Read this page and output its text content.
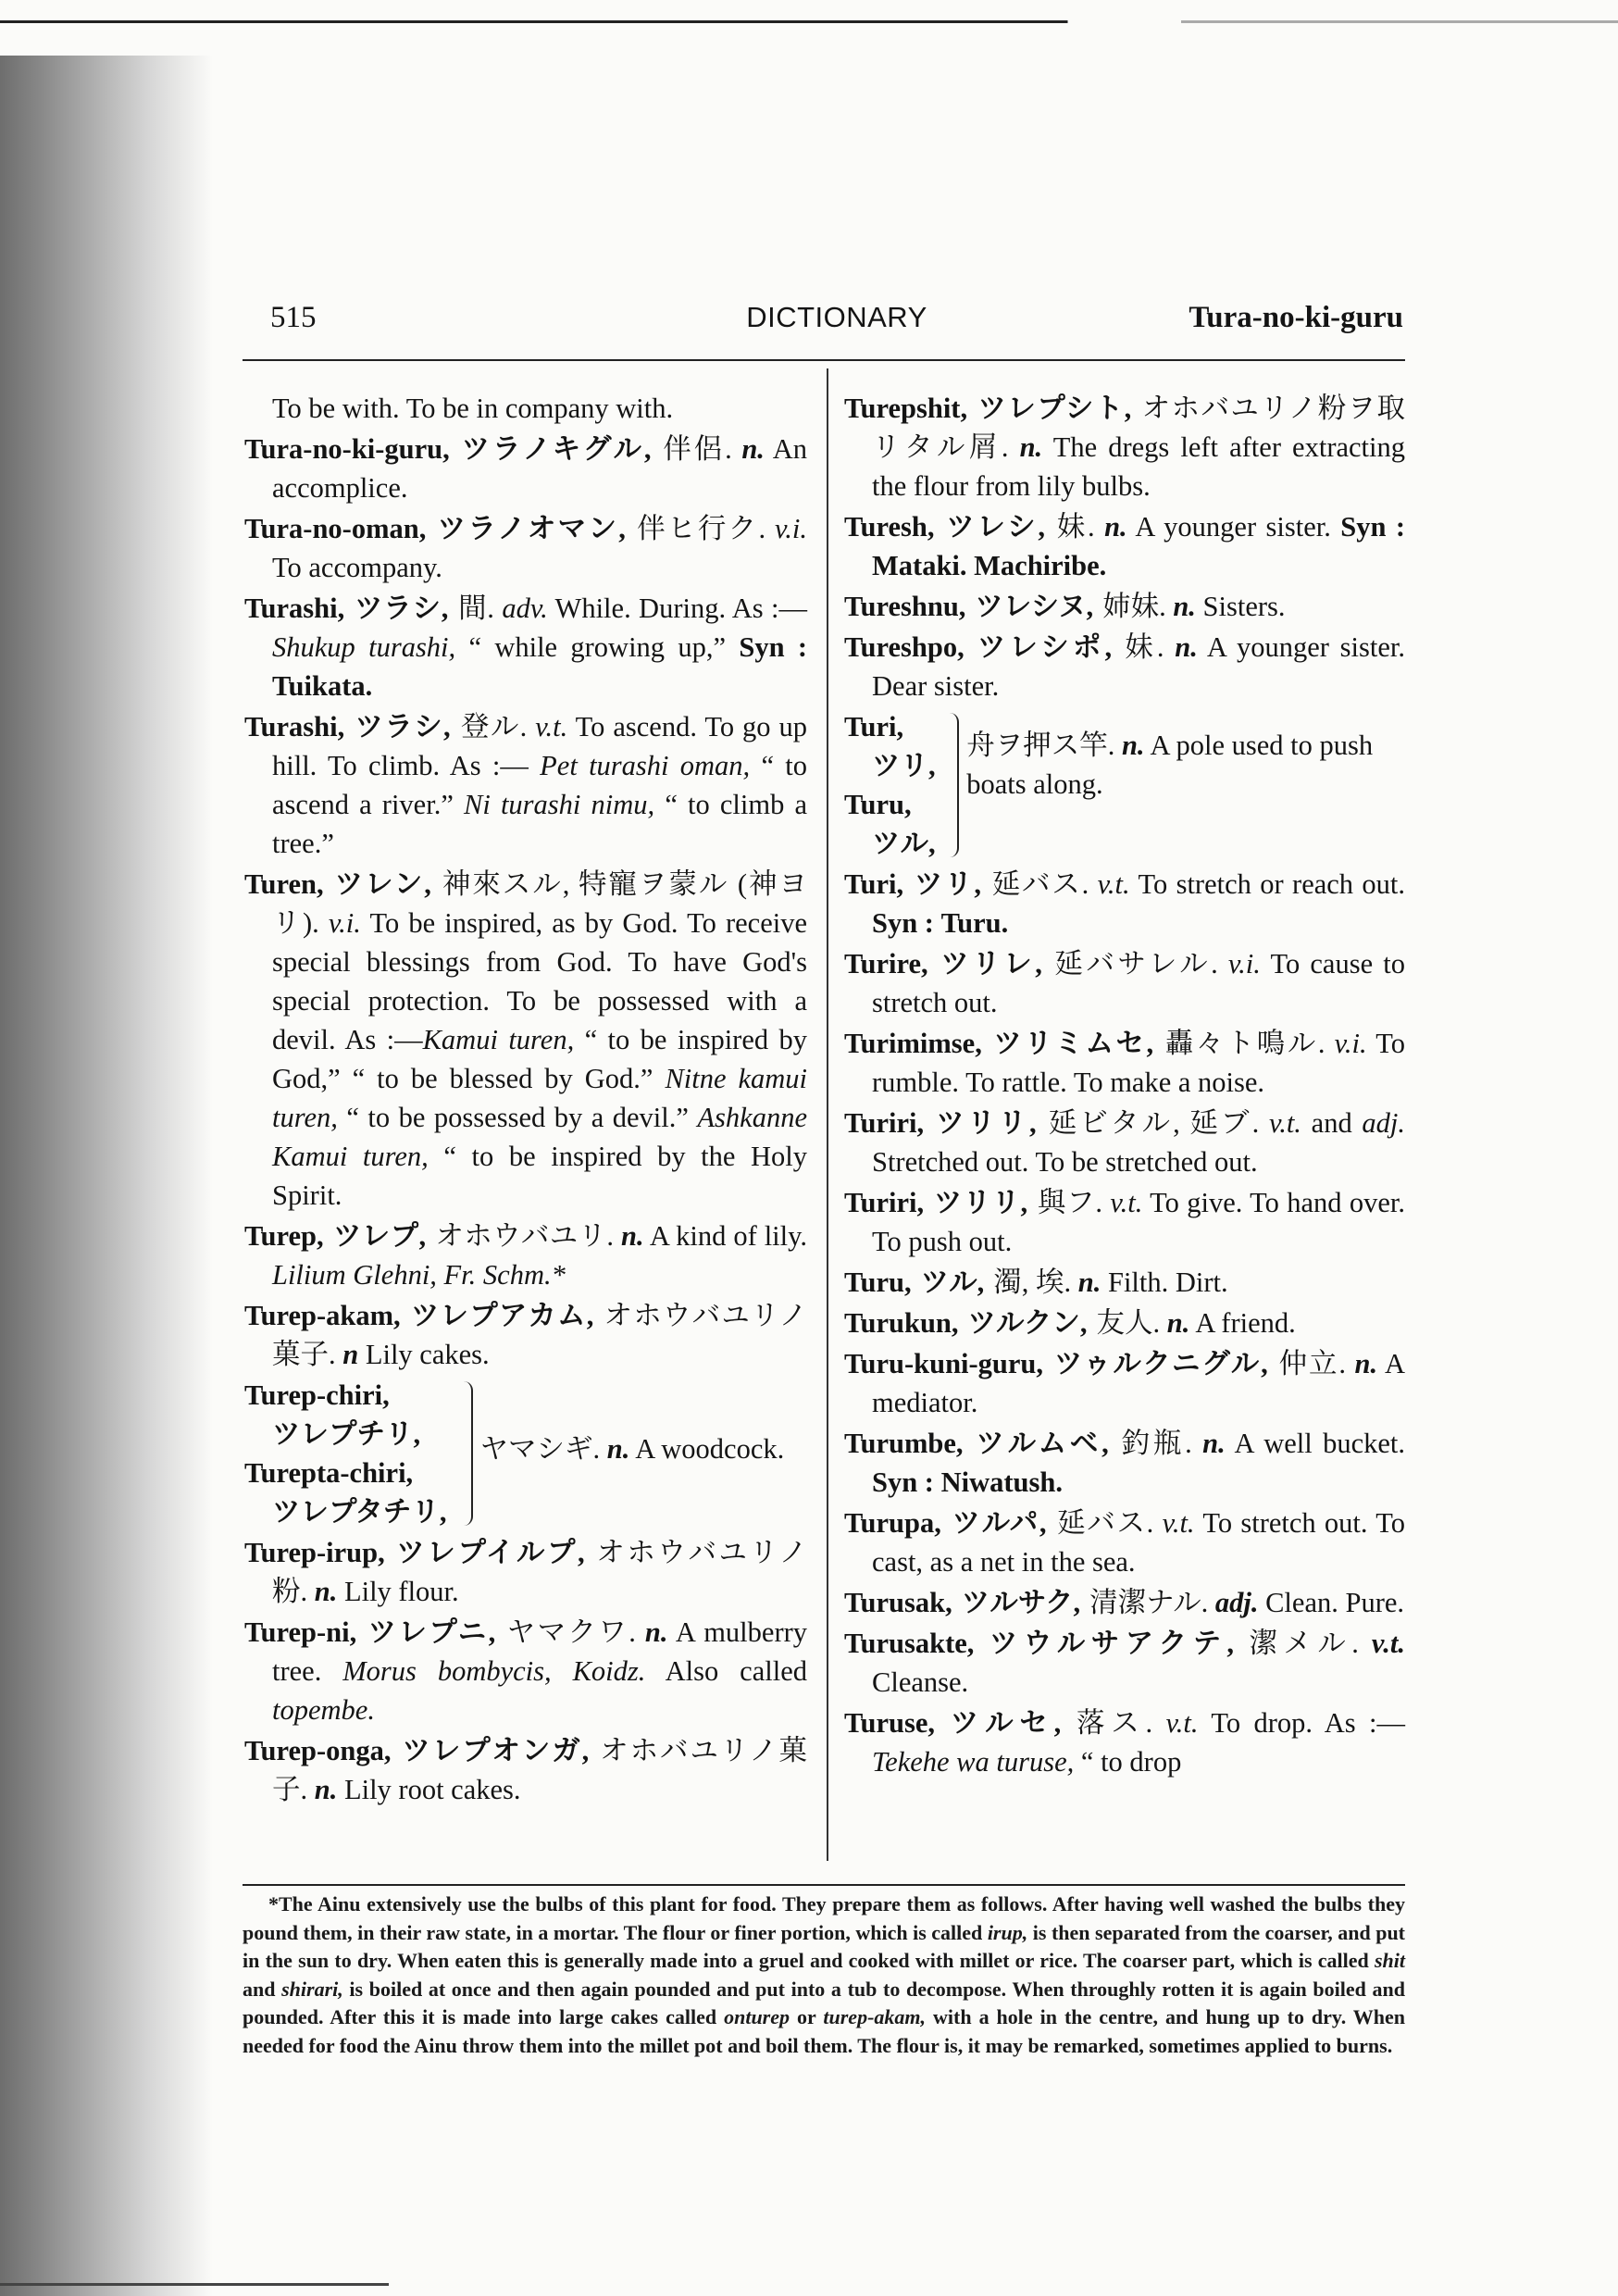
515	DICTIONARY	Tura-no-ki-guru

To be with. To be in company with.

Tura-no-ki-guru, ツラノキグル, 伴侶. n. An accomplice.

Tura-no-oman, ツラノオマン, 伴ヒ行ク. v.i. To accompany.

Turashi, ツラシ, 間. adv. While. During. As :—Shukup turashi, “ while growing up,” Syn : Tuikata.

Turashi, ツラシ, 登ル. v.t. To ascend. To go up hill. To climb. As :— Pet turashi oman, “ to ascend a river.” Ni turashi nimu, “ to climb a tree.”

Turen, ツレン, 神來スル, 特寵ヲ蒙ル (神ヨリ). v.i. To be inspired, as by God. To receive special blessings from God. To have God's special protection. To be possessed with a devil. As :—Kamui turen, “ to be inspired by God,” “ to be blessed by God.” Nitne kamui turen, “ to be possessed by a devil.” Ashkanne Kamui turen, “ to be inspired by the Holy Spirit.

Turep, ツレプ, オホウバユリ. n. A kind of lily. Lilium Glehni, Fr. Schm.*

Turep-akam, ツレプアカム, オホウバユリノ菓子. n Lily cakes.

Turep-chiri,
ツレプチリ,
Turepta-chiri,
ツレプタチリ,
ヤマシギ. n. A woodcock.

Turep-irup, ツレプイルプ, オホウバユリノ粉. n. Lily flour.

Turep-ni, ツレプニ, ヤマクワ. n. A mulberry tree. Morus bombycis, Koidz. Also called topembe.

Turep-onga, ツレプオンガ, オホバユリノ菓子. n. Lily root cakes.

Turepshit, ツレプシト, オホバユリノ粉ヲ取リタル屑. n. The dregs left after extracting the flour from lily bulbs.

Turesh, ツレシ, 妹. n. A younger sister. Syn : Mataki. Machiribe.

Tureshnu, ツレシヌ, 姉妹. n. Sisters.

Tureshpo, ツレシポ, 妹. n. A younger sister. Dear sister.

Turi,
ツリ,
Turu,
ツル,
舟ヲ押ス竿. n. A pole used to push boats along.

Turi, ツリ, 延バス. v.t. To stretch or reach out. Syn : Turu.

Turire, ツリレ, 延バサレル. v.i. To cause to stretch out.

Turimimse, ツリミムセ, 轟々ト鳴ル. v.i. To rumble. To rattle. To make a noise.

Turiri, ツリリ, 延ビタル, 延ブ. v.t. and adj. Stretched out. To be stretched out.

Turiri, ツリリ, 與フ. v.t. To give. To hand over. To push out.

Turu, ツル, 濁, 埃. n. Filth. Dirt.

Turukun, ツルクン, 友人. n. A friend.

Turu-kuni-guru, ツゥルクニグル, 仲立. n. A mediator.

Turumbe, ツルムベ, 釣瓶. n. A well bucket. Syn : Niwatush.

Turupa, ツルパ, 延バス. v.t. To stretch out. To cast, as a net in the sea.

Turusak, ツルサク, 清潔ナル. adj. Clean. Pure.

Turusakte, ツウルサアクテ, 潔メル. v.t. Cleanse.

Turuse, ツルセ, 落ス. v.t. To drop. As :—Tekehe wa turuse, “ to drop

*The Ainu extensively use the bulbs of this plant for food. They prepare them as follows. After having well washed the bulbs they pound them, in their raw state, in a mortar. The flour or finer portion, which is called irup, is then separated from the coarser, and put in the sun to dry. When eaten this is generally made into a gruel and cooked with millet or rice. The coarser part, which is called shit and shirari, is boiled at once and then again pounded and put into a tub to decompose. When throughly rotten it is again boiled and pounded. After this it is made into large cakes called onturep or turep-akam, with a hole in the centre, and hung up to dry. When needed for food the Ainu throw them into the millet pot and boil them. The flour is, it may be remarked, sometimes applied to burns.
